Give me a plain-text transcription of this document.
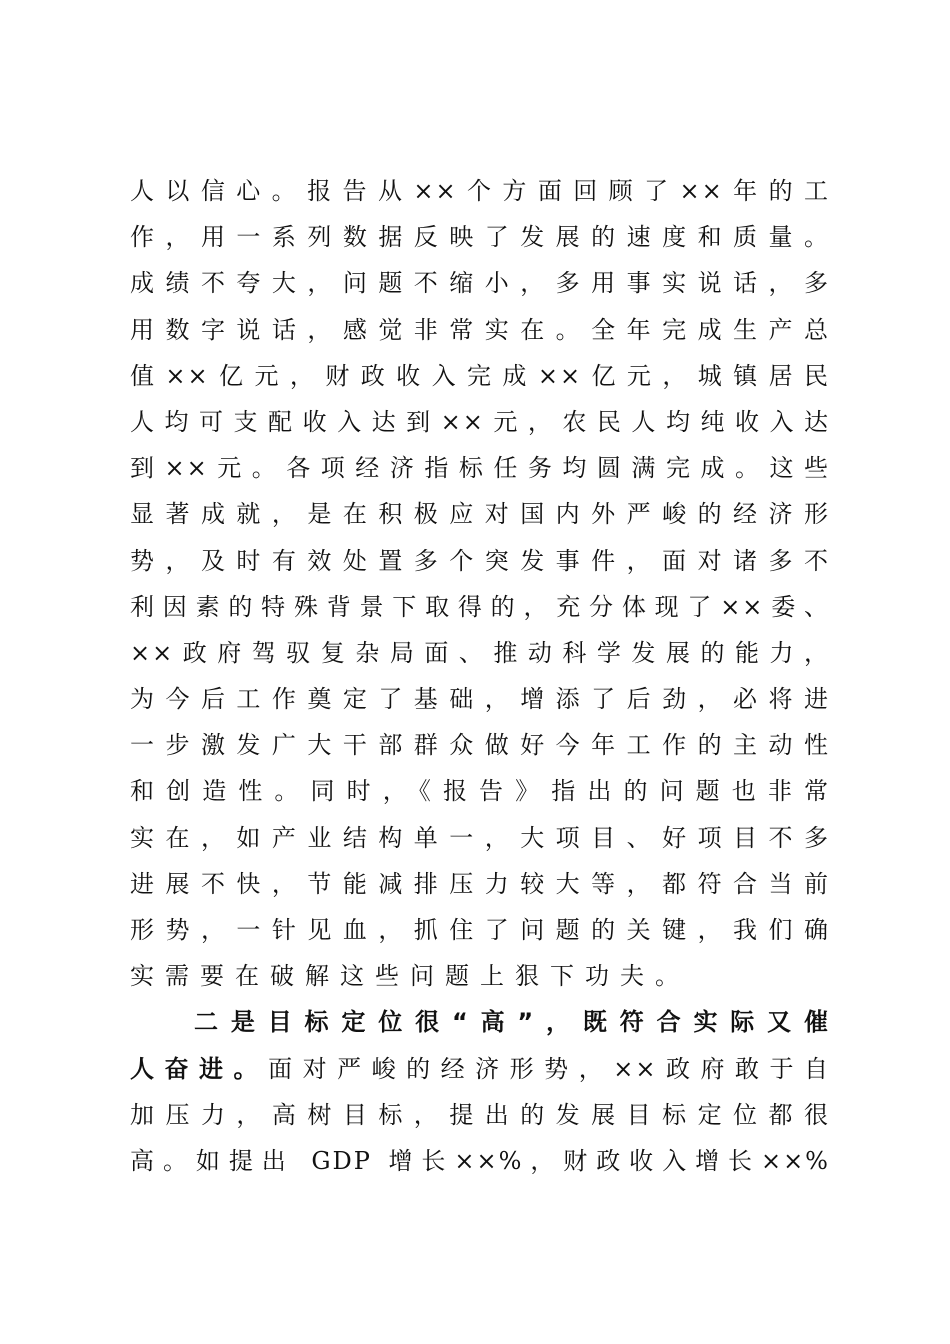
人以信心。报告从××个方面回顾了××年的工
作，用一系列数据反映了发展的速度和质量。
成绩不夸大，问题不缩小，多用事实说话，多
用数字说话，感觉非常实在。全年完成生产总
值××亿元，财政收入完成××亿元，城镇居民
人均可支配收入达到××元，农民人均纯收入达
到××元。各项经济指标任务均圆满完成。这些
显著成就，是在积极应对国内外严峻的经济形
势，及时有效处置多个突发事件，面对诸多不
利因素的特殊背景下取得的，充分体现了××委、
××政府驾驭复杂局面、推动科学发展的能力，
为今后工作奠定了基础，增添了后劲，必将进
一步激发广大干部群众做好今年工作的主动性
和创造性。同时，《报告》指出的问题也非常
实在，如产业结构单一，大项目、好项目不多
进展不快，节能减排压力较大等，都符合当前
形势，一针见血，抓住了问题的关键，我们确
实需要在破解这些问题上狠下功夫。
二是目标定位很“高”，既符合实际又催
人奋进。面对严峻的经济形势，××政府敢于自
加压力，高树目标，提出的发展目标定位都很
高。如提出 GDP 增长××%，财政收入增长××%
